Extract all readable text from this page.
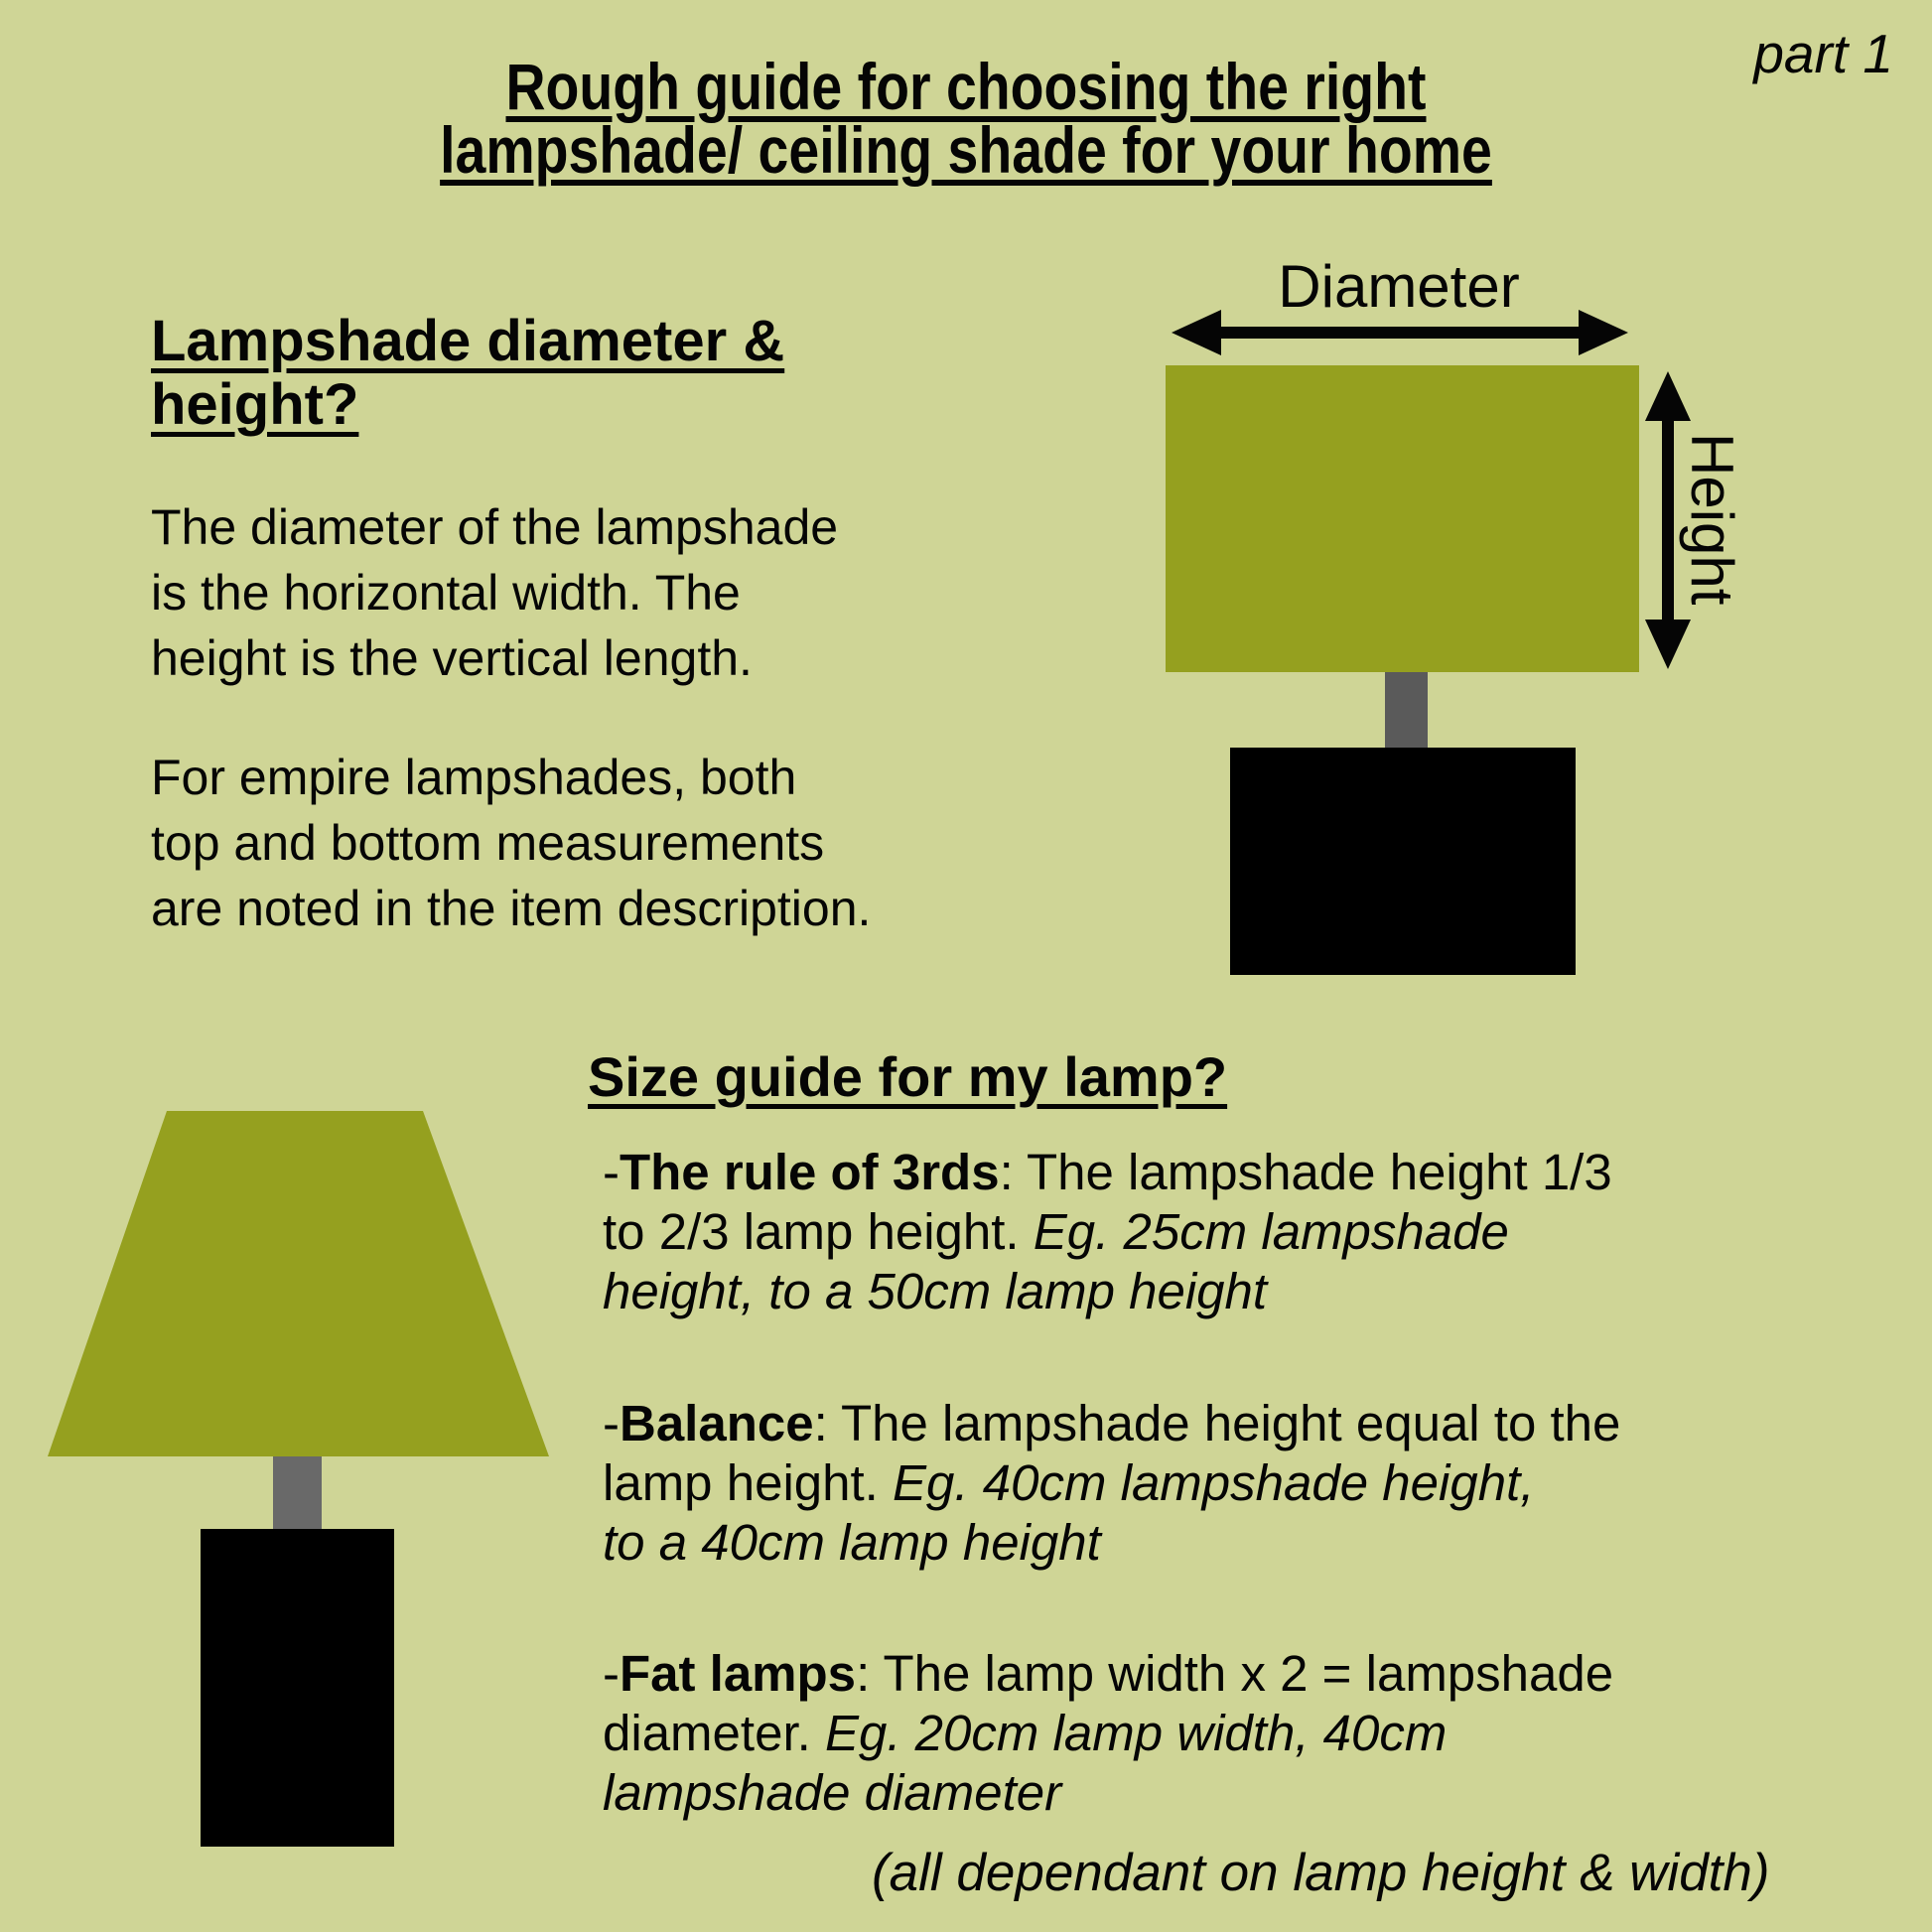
part 1
Rough guide for choosing the right
lampshade/ ceiling shade for your home
Lampshade diameter &
height?
The diameter of the lampshade
is the horizontal width. The
height is the vertical length.
For empire lampshades, both
top and bottom measurements
are noted in the item description.
Diameter
Height
Size guide for my lamp?
-The rule of 3rds: The lampshade height 1/3
to 2/3 lamp height. Eg. 25cm lampshade
height, to a 50cm lamp height
-Balance: The lampshade height equal to the
lamp height. Eg. 40cm lampshade height,
to a 40cm lamp height
-Fat lamps: The lamp width x 2 = lampshade
diameter. Eg. 20cm lamp width, 40cm
lampshade diameter
(all dependant on lamp height & width)
